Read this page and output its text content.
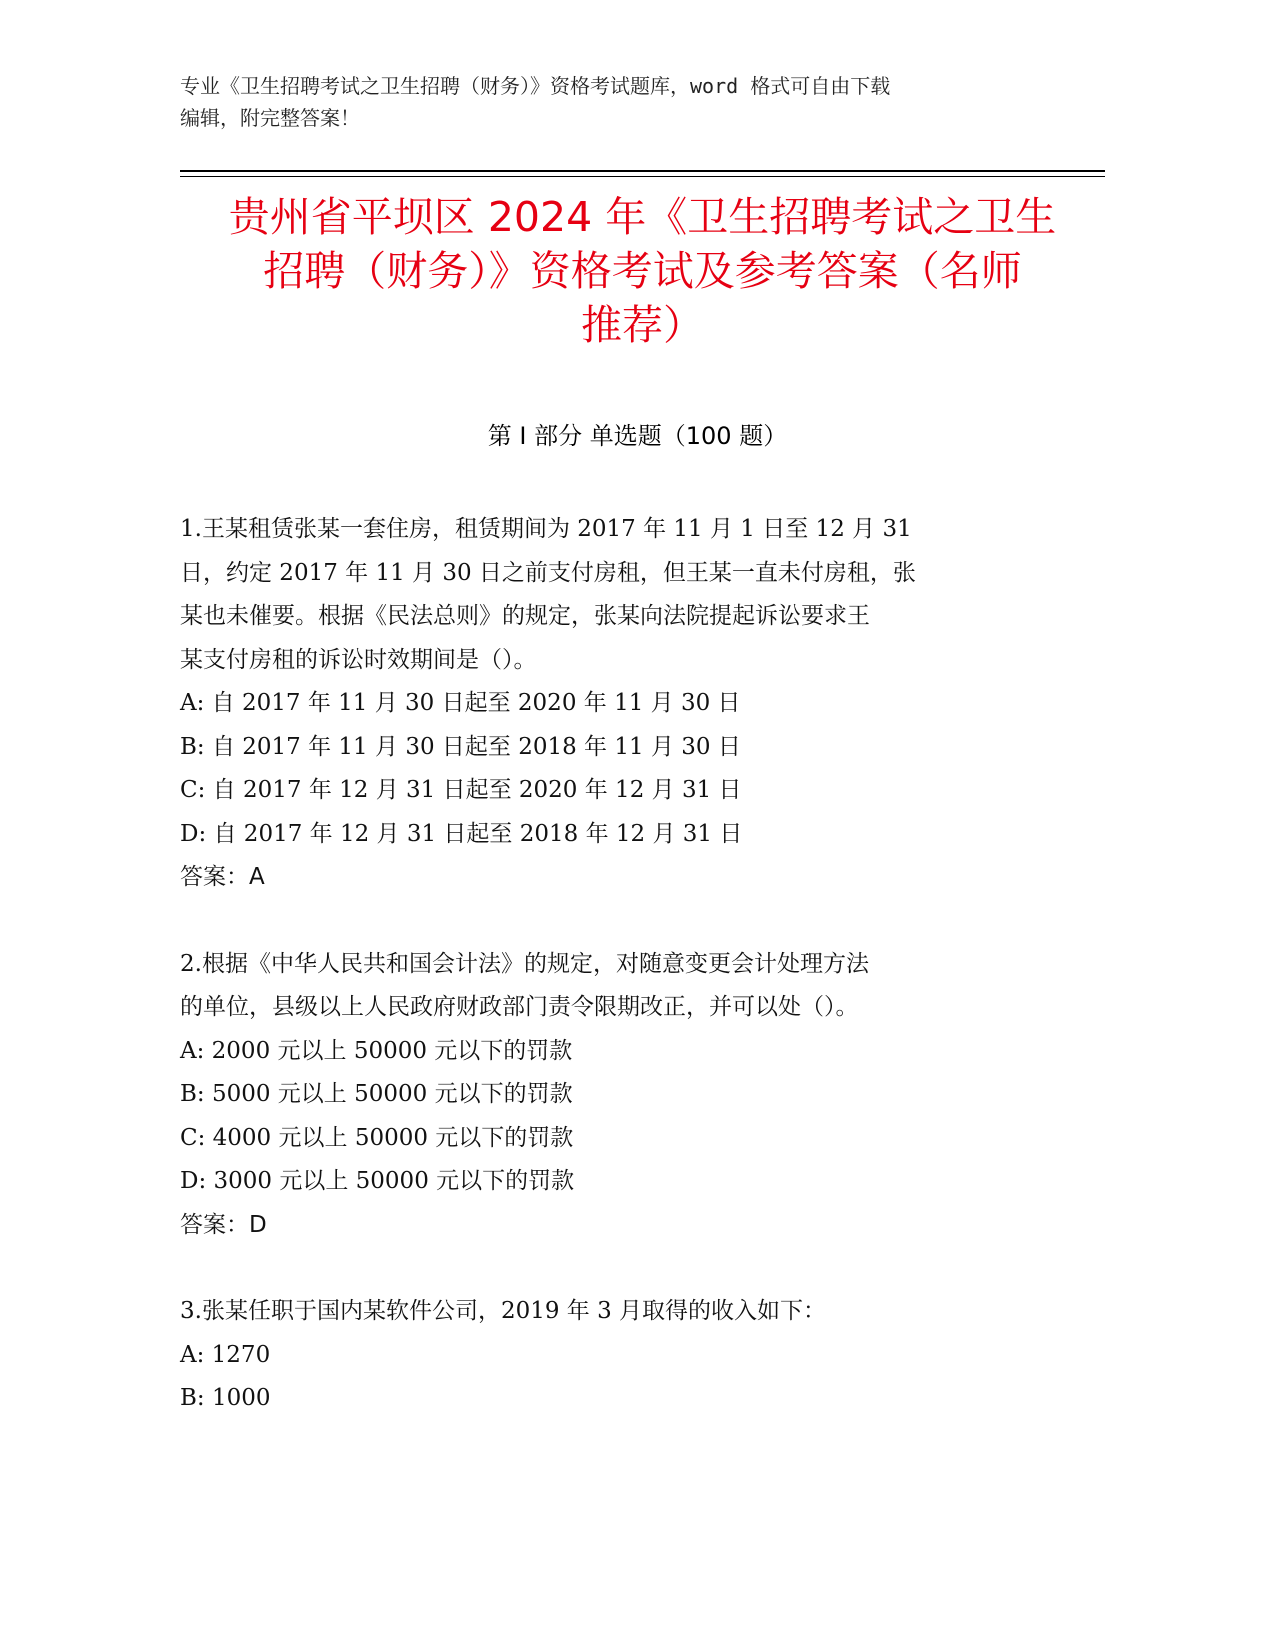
专业《卫生招聘考试之卫生招聘（财务）》资格考试题库，word 格式可自由下载
编辑，附完整答案！
贵州省平坝区 2024 年《卫生招聘考试之卫生
招聘（财务）》资格考试及参考答案（名师
推荐）
第 I 部分 单选题（100 题）
1.王某租赁张某一套住房，租赁期间为 2017 年 11 月 1 日至 12 月 31
日，约定 2017 年 11 月 30 日之前支付房租，但王某一直未付房租，张
某也未催要。根据《民法总则》的规定，张某向法院提起诉讼要求王
某支付房租的诉讼时效期间是（）。
A: 自 2017 年 11 月 30 日起至 2020 年 11 月 30 日
B: 自 2017 年 11 月 30 日起至 2018 年 11 月 30 日
C: 自 2017 年 12 月 31 日起至 2020 年 12 月 31 日
D: 自 2017 年 12 月 31 日起至 2018 年 12 月 31 日
答案：A
2.根据《中华人民共和国会计法》的规定，对随意变更会计处理方法
的单位，县级以上人民政府财政部门责令限期改正，并可以处（）。
A: 2000 元以上 50000 元以下的罚款
B: 5000 元以上 50000 元以下的罚款
C: 4000 元以上 50000 元以下的罚款
D: 3000 元以上 50000 元以下的罚款
答案：D
3.张某任职于国内某软件公司，2019 年 3 月取得的收入如下：
A: 1270
B: 1000
